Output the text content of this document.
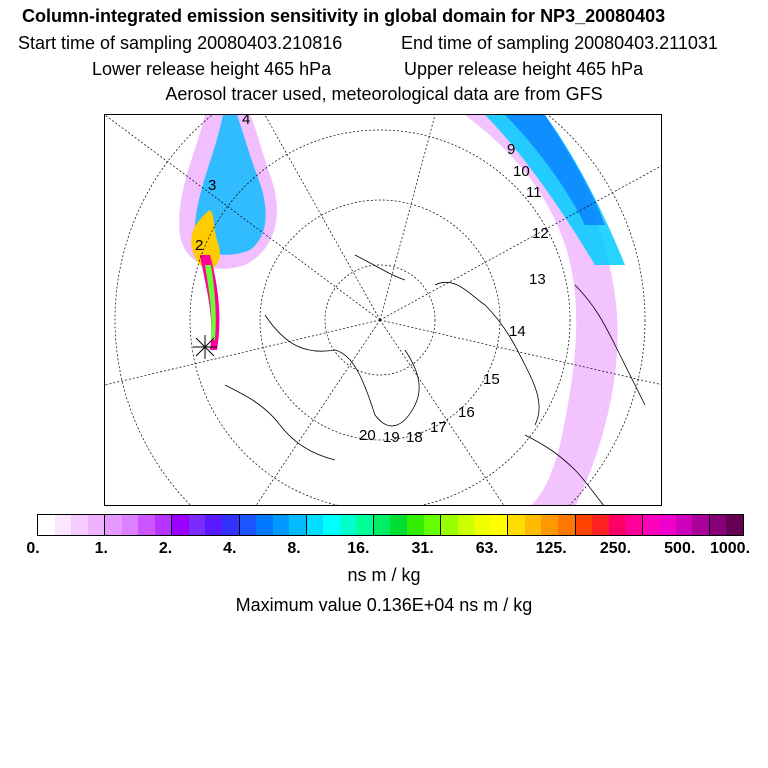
Column-integrated emission sensitivity in global domain for NP3_20080403
Start time of sampling 20080403.210816	End time of sampling 20080403.211031
Lower release height 465 hPa	Upper release height 465 hPa
Aerosol tracer used, meteorological data are from GFS
4
3
2
9
10
11
12
13
14
15
16
17
18
19
20
0.	1.	2.	4.	8.	16.	31.	63. 125. 250. 500. 1000.
ns m / kg
Maximum value 0.136E+04 ns m / kg
